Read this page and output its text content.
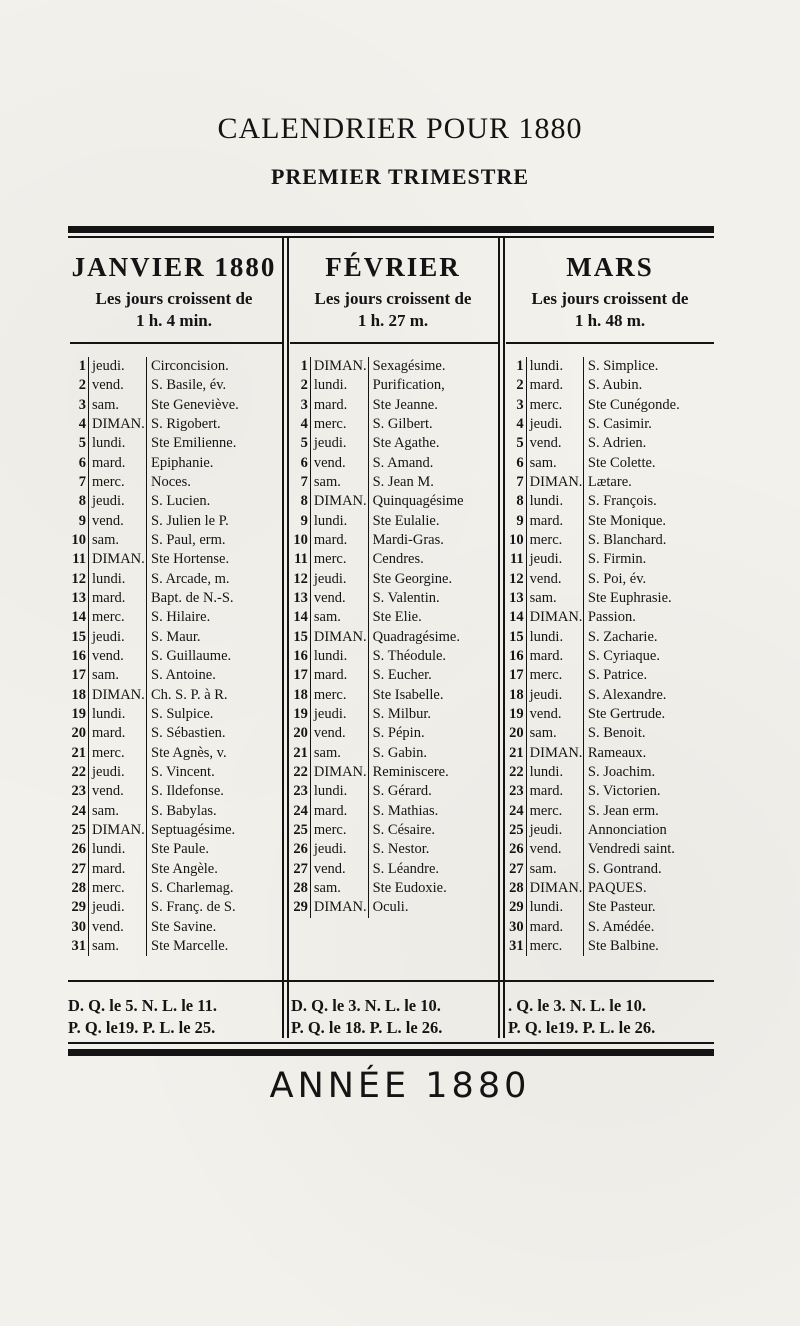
CALENDRIER POUR 1880
PREMIER TRIMESTRE
JANVIER 1880
Les jours croissent de
1 h. 4 min.
FÉVRIER
Les jours croissent de
1 h. 27 m.
MARS
Les jours croissent de
1 h. 48 m.
1 jeudi.	Circoncision.
2 vend.	S. Basile, év.
3 sam.	Ste Geneviève.
4 DIMAN. S. Rigobert.
5 lundi.	Ste Emilienne.
6 mard.	Epiphanie.
7 merc.	Noces.
8 jeudi.	S. Lucien.
9 vend.	S. Julien le P.
10 sam.	S. Paul, erm.
11 DIMAN. Ste Hortense.
12 lundi.	S. Arcade, m.
13 mard.	Bapt. de N.-S.
14 merc.	S. Hilaire.
15 jeudi.	S. Maur.
16 vend.	S. Guillaume.
17 sam.	S. Antoine.
18 DIMAN. Ch. S. P. à R.
19 lundi.	S. Sulpice.
20 mard.	S. Sébastien.
21 merc.	Ste Agnès, v.
22 jeudi.	S. Vincent.
23 vend.	S. Ildefonse.
24 sam.	S. Babylas.
25 DIMAN. Septuagésime.
26 lundi.	Ste Paule.
27 mard.	Ste Angèle.
28 merc.	S. Charlemag.
29 jeudi.	S. Franç. de S.
30 vend.	Ste Savine.
31 sam.	Ste Marcelle.
1 DIMAN. Sexagésime.
2 lundi.	Purification,
3 mard.	Ste Jeanne.
4 merc.	S. Gilbert.
5 jeudi.	Ste Agathe.
6 vend.	S. Amand.
7 sam.	S. Jean M.
8 DIMAN. Quinquagésime
9 lundi.	Ste Eulalie.
10 mard.	Mardi-Gras.
11 merc.	Cendres.
12 jeudi.	Ste Georgine.
13 vend.	S. Valentin.
14 sam.	Ste Elie.
15 DIMAN. Quadragésime.
16 lundi.	S. Théodule.
17 mard.	S. Eucher.
18 merc.	Ste Isabelle.
19 jeudi.	S. Milbur.
20 vend.	S. Pépin.
21 sam.	S. Gabin.
22 DIMAN. Reminiscere.
23 lundi.	S. Gérard.
24 mard.	S. Mathias.
25 merc.	S. Césaire.
26 jeudi.	S. Nestor.
27 vend.	S. Léandre.
28 sam.	Ste Eudoxie.
29 DIMAN. Oculi.
1 lundi.	S. Simplice.
2 mard.	S. Aubin.
3 merc.	Ste Cunégonde.
4 jeudi.	S. Casimir.
5 vend.	S. Adrien.
6 sam.	Ste Colette.
7 DIMAN. Lætare.
8 lundi.	S. François.
9 mard.	Ste Monique.
10 merc.	S. Blanchard.
11 jeudi.	S. Firmin.
12 vend.	S. Poi, év.
13 sam.	Ste Euphrasie.
14 DIMAN. Passion.
15 lundi.	S. Zacharie.
16 mard.	S. Cyriaque.
17 merc.	S. Patrice.
18 jeudi.	S. Alexandre.
19 vend.	Ste Gertrude.
20 sam.	S. Benoit.
21 DIMAN. Rameaux.
22 lundi.	S. Joachim.
23 mard.	S. Victorien.
24 merc.	S. Jean erm.
25 jeudi.	Annonciation
26 vend.	Vendredi saint.
27 sam.	S. Gontrand.
28 DIMAN. PAQUES.
29 lundi.	Ste Pasteur.
30 mard.	S. Amédée.
31 merc.	Ste Balbine.
D. Q. le 5. N. L. le 11.
P. Q. le19. P. L. le 25.
D. Q. le 3. N. L. le 10.
P. Q. le 18. P. L. le 26.
. Q. le 3. N. L. le 10.
P. Q. le19. P. L. le 26.
ANNÉE 1880
